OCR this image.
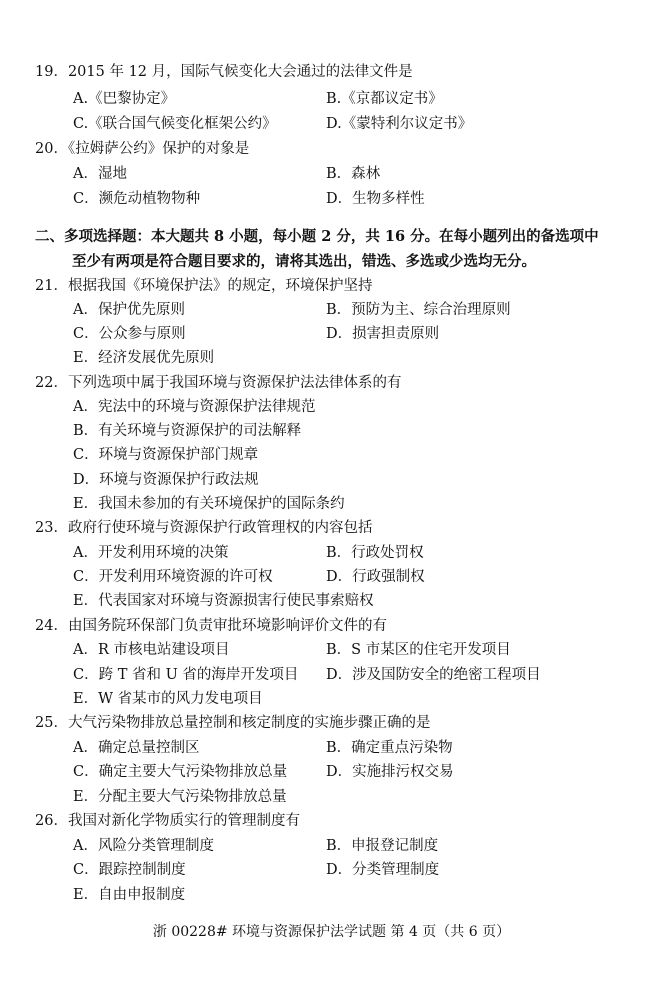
19．2015 年 12 月，国际气候变化大会通过的法律文件是
A.《巴黎协定》	B.《京都议定书》
C.《联合国气候变化框架公约》	D.《蒙特利尔议定书》
20．《拉姆萨公约》保护的对象是
A．湿地	B．森林
C．濒危动植物物种	D．生物多样性
二、多项选择题：本大题共 8 小题，每小题 2 分，共 16 分。在每小题列出的备选项中
至少有两项是符合题目要求的，请将其选出，错选、多选或少选均无分。
21．根据我国《环境保护法》的规定，环境保护坚持
A．保护优先原则	B．预防为主、综合治理原则
C．公众参与原则	D．损害担责原则
E．经济发展优先原则
22．下列选项中属于我国环境与资源保护法法律体系的有
A．宪法中的环境与资源保护法律规范
B．有关环境与资源保护的司法解释
C．环境与资源保护部门规章
D．环境与资源保护行政法规
E．我国未参加的有关环境保护的国际条约
23．政府行使环境与资源保护行政管理权的内容包括
A．开发利用环境的决策	B．行政处罚权
C．开发利用环境资源的许可权	D．行政强制权
E．代表国家对环境与资源损害行使民事索赔权
24．由国务院环保部门负责审批环境影响评价文件的有
A．R 市核电站建设项目	B．S 市某区的住宅开发项目
C．跨 T 省和 U 省的海岸开发项目 D．涉及国防安全的绝密工程项目
E．W 省某市的风力发电项目
25．大气污染物排放总量控制和核定制度的实施步骤正确的是
A．确定总量控制区	B．确定重点污染物
C．确定主要大气污染物排放总量	D．实施排污权交易
E．分配主要大气污染物排放总量
26．我国对新化学物质实行的管理制度有
A．风险分类管理制度	B．申报登记制度
C．跟踪控制制度	D．分类管理制度
E．自由申报制度
浙 00228# 环境与资源保护法学试题 第 4 页（共 6 页）
